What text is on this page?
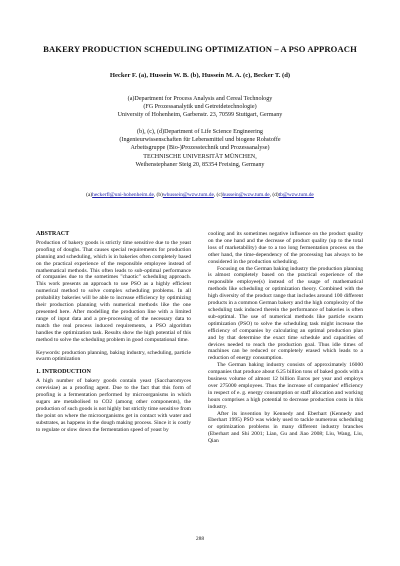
BAKERY PRODUCTION SCHEDULING OPTIMIZATION – A PSO APPROACH
Hecker F. (a), Hussein W. B. (b), Hussein M. A. (c), Becker T. (d)
(a)Department for Process Analysis and Cereal Technology
(FG Prozessanalytik und Getreidetechnologie)
University of Hohenheim, Garbenstr. 23, 70599 Stuttgart, Germany
(b), (c), (d)Department of Life Science Engineering
(Ingenieurwissenschaften für Lebensmittel und biogene Rohstoffe
Arbeitsgruppe (Bio-)Prozesstechnik und Prozessanalyse)
TECHNISCHE UNIVERSITÄT MÜNCHEN,
Weihenstephaner Steig 20, 85354 Freising, Germany
(a)heckerfl@uni-hohenheim.de, (b)whussein@wzw.tum.de, (c)hussein@wzw.tum.de, (d)tb@wzw.tum.de
ABSTRACT

Production of bakery goods is strictly time sensitive due to the yeast proofing of doughs. That causes special requirements for production planning and scheduling, which is in bakeries often completely based on the practical experience of the responsible employee instead of mathematical methods. This often leads to sub-optimal performance of companies due to the sometimes "chaotic" scheduling approach. This work presents an approach to use PSO as a highly efficient numerical method to solve complex scheduling problems. In all probability bakeries will be able to increase efficiency by optimizing their production planning with numerical methods like the one presented here. After modelling the production line with a limited range of input data and a pre-processing of the necessary data to match the real process induced requirements, a PSO algorithm handles the optimization task. Results show the high potential of this method to solve the scheduling problem in good computational time.

Keywords: production planning, baking industry, scheduling, particle swarm optimization

1. INTRODUCTION

A high number of bakery goods contain yeast (Saccharomyces cerevisiae) as a proofing agent. Due to the fact that this form of proofing is a fermentation performed by microorganisms in which sugars are metabolised to CO2 (among other components), the production of such goods is not highly but strictly time sensitive from the point on where the microorganisms get in contact with water and substrates, as happens in the dough making process. Since it is costly to regulate or slow down the fermentation speed of yeast by

cooling and its sometimes negative influence on the product quality on the one hand and the decrease of product quality (up to the total loss of marketability) due to a too long fermentation process on the other hand, the time-dependency of the processing has always to be considered in the production scheduling.

Focusing on the German baking industry the production planning is almost completely based on the practical experience of the responsible employee(s) instead of the usage of mathematical methods like scheduling or optimization theory. Combined with the high diversity of the product range that includes around 100 different products in a common German bakery and the high complexity of the scheduling task induced therein the performance of bakeries is often sub-optimal. The use of numerical methods like particle swarm optimization (PSO) to solve the scheduling task might increase the efficiency of companies by calculating an optimal production plan and by that determine the exact time schedule and capacities of devices needed to reach the production goal. Thus idle times of machines can be reduced or completely erased which leads to a reduction of energy consumption.

The German baking industry consists of approximately 16000 companies that produce about 6.25 billion tons of baked goods with a business volume of almost 12 billion Euros per year and employs over 275000 employees. Thus the increase of companies' efficiency in respect of e. g. energy consumption or staff allocation and working hours comprises a high potential to decrease production costs in this industry.

After its invention by Kennedy and Eberhart (Kennedy and Eberhart 1995) PSO was widely used to tackle numerous scheduling or optimization problems in many different industry branches (Eberhart and Shi 2001; Lian, Gu and Jiao 2008; Liu, Wang, Liu, Qian

288
